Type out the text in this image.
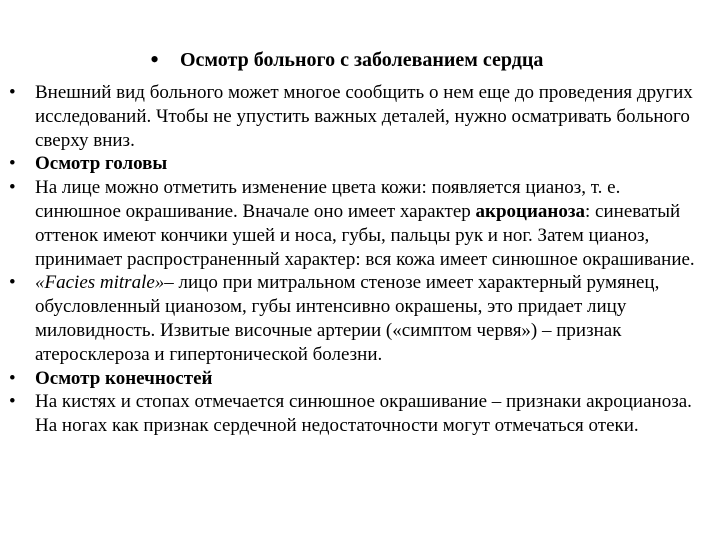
•	Осмотр больного с заболеванием сердца
•	Внешний вид больного может многое сообщить о нем еще до проведения других исследований. Чтобы не упустить важных деталей, нужно осматривать больного сверху вниз.
•	Осмотр головы
•	На лице можно отметить изменение цвета кожи: появляется цианоз, т. е. синюшное окрашивание. Вначале оно имеет характер акроцианоза: синеватый оттенок имеют кончики ушей и носа, губы, пальцы рук и ног. Затем цианоз, принимает распространенный характер: вся кожа имеет синюшное окрашивание.
•	«Facies mitrale»– лицо при митральном стенозе имеет характерный румянец, обусловленный цианозом, губы интенсивно окрашены, это придает лицу миловидность. Извитые височные артерии («симптом червя») – признак атеросклероза и гипертонической болезни.
•	Осмотр конечностей
•	На кистях и стопах отмечается синюшное окрашивание – признаки акроцианоза. На ногах как признак сердечной недостаточности могут отмечаться отеки.
